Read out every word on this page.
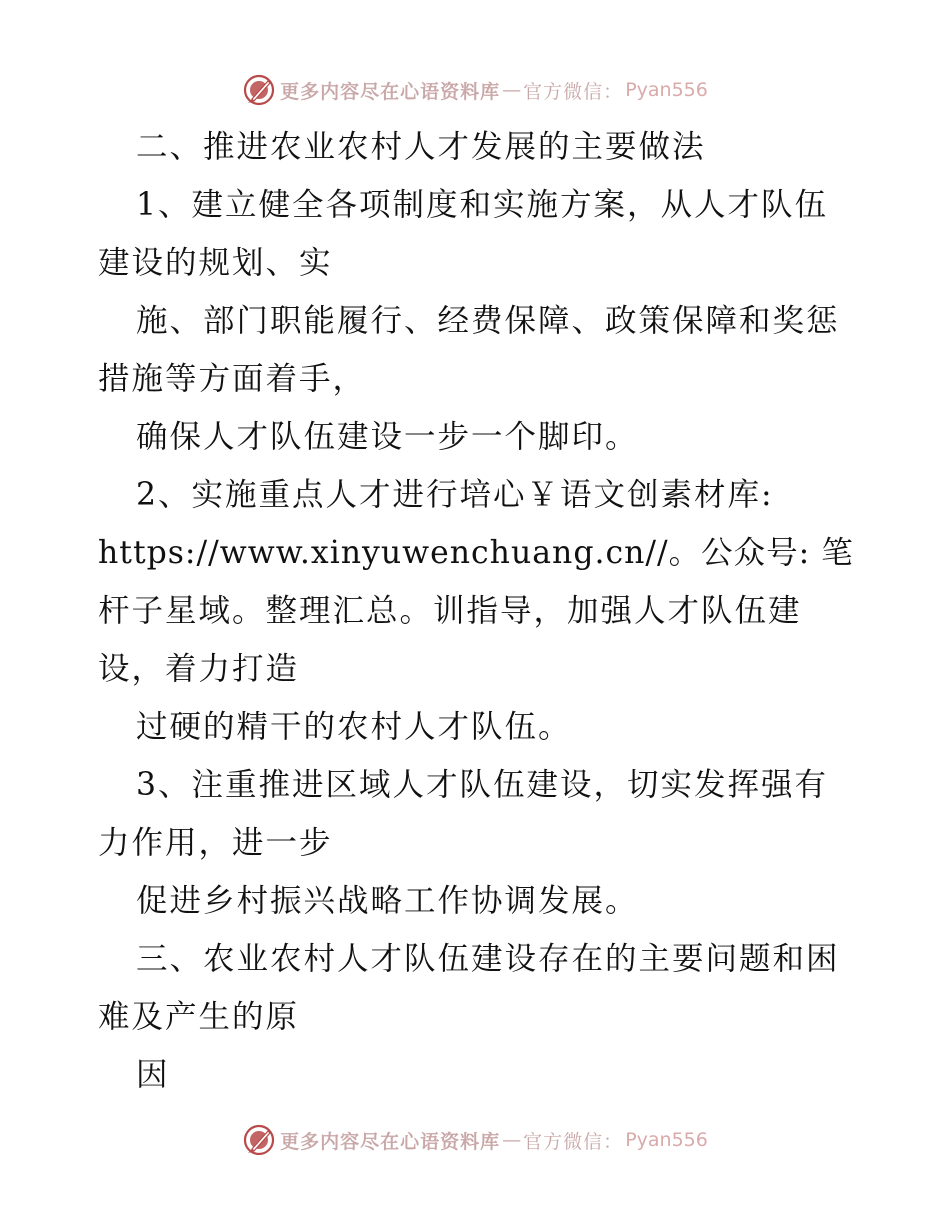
更多内容尽在心语资料库 — 官方微信： Pyan556
二、推进农业农村人才发展的主要做法
1、建立健全各项制度和实施方案，从人才队伍
建设的规划、实
施、部门职能履行、经费保障、政策保障和奖惩
措施等方面着手，
确保人才队伍建设一步一个脚印。
2、实施重点人才进行培心￥语文创素材库:
https://www.xinyuwenchuang.cn//。公众号: 笔
杆子星域。整理汇总。训指导，加强人才队伍建
设，着力打造
过硬的精干的农村人才队伍。
3、注重推进区域人才队伍建设，切实发挥强有
力作用，进一步
促进乡村振兴战略工作协调发展。
三、农业农村人才队伍建设存在的主要问题和困
难及产生的原
因
更多内容尽在心语资料库 — 官方微信： Pyan556
